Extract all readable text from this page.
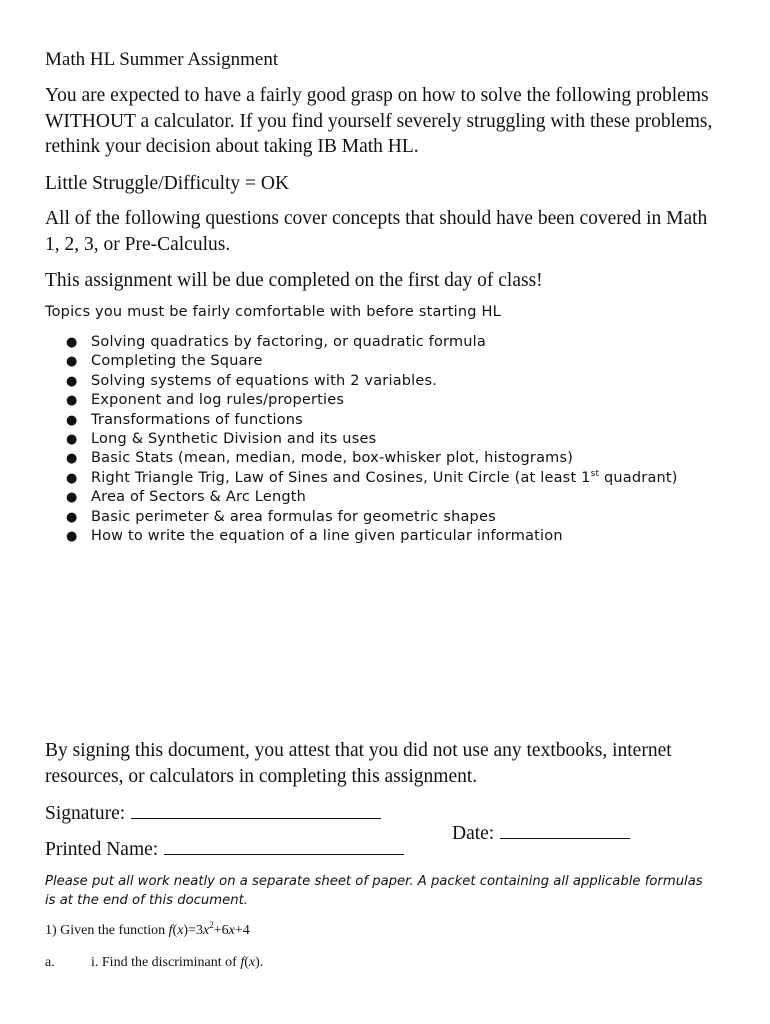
Math HL Summer Assignment

You are expected to have a fairly good grasp on how to solve the following problems WITHOUT a calculator. If you find yourself severely struggling with these problems, rethink your decision about taking IB Math HL.

Little Struggle/Difficulty = OK

All of the following questions cover concepts that should have been covered in Math 1, 2, 3, or Pre-Calculus.

This assignment will be due completed on the first day of class!

Topics you must be fairly comfortable with before starting HL

● Solving quadratics by factoring, or quadratic formula
● Completing the Square
● Solving systems of equations with 2 variables.
● Exponent and log rules/properties
● Transformations of functions
● Long & Synthetic Division and its uses
● Basic Stats (mean, median, mode, box-whisker plot, histograms)
● Right Triangle Trig, Law of Sines and Cosines, Unit Circle (at least 1st quadrant)
● Area of Sectors & Arc Length
● Basic perimeter & area formulas for geometric shapes
● How to write the equation of a line given particular information

By signing this document, you attest that you did not use any textbooks, internet resources, or calculators in completing this assignment.

Signature:

Date:

Printed Name:

Please put all work neatly on a separate sheet of paper. A packet containing all applicable formulas is at the end of this document.

1) Given the function $f(x)=3x^2+6x+4$

a.	i. Find the discriminant of f(x).
